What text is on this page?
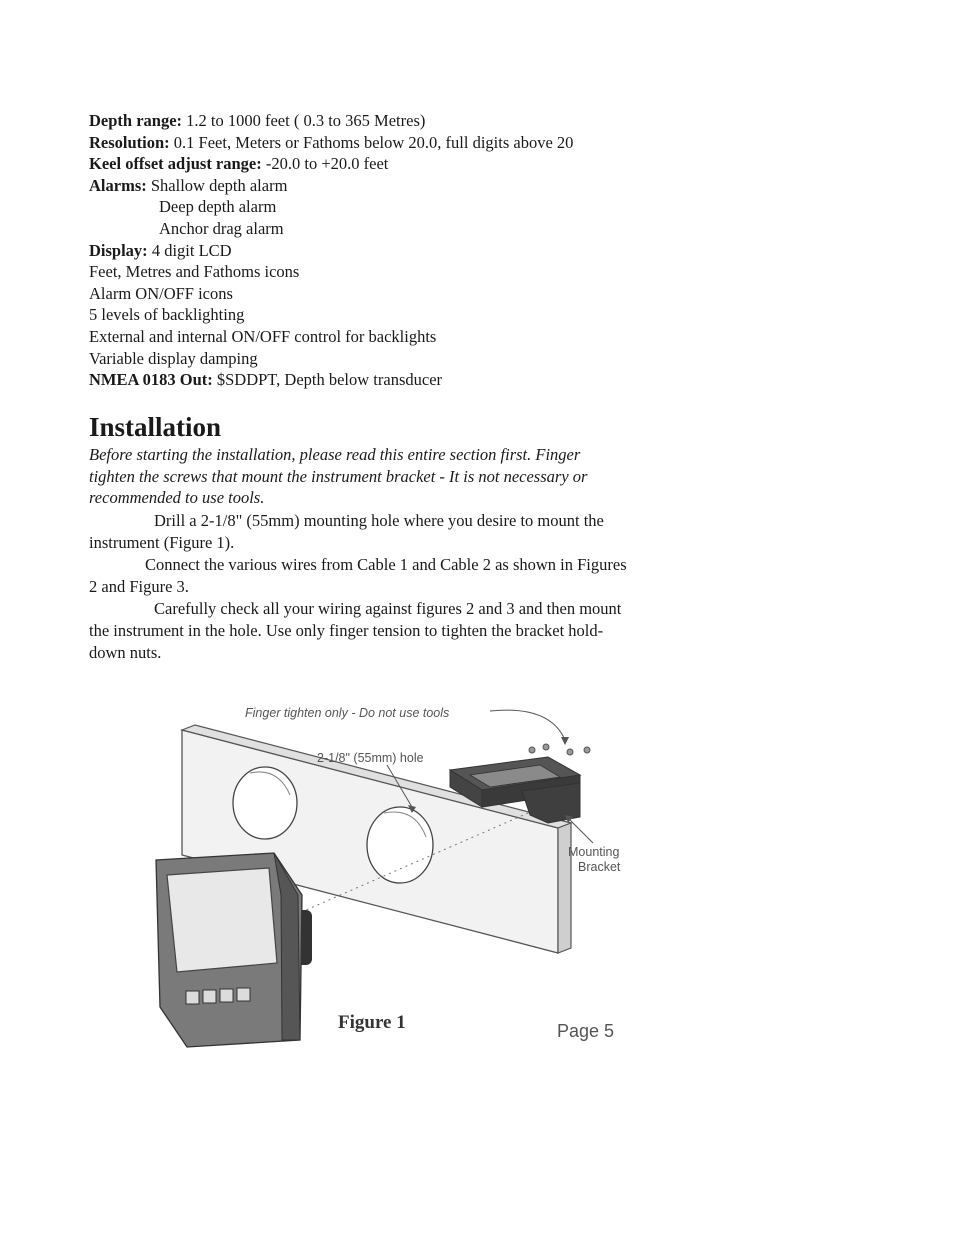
Depth range: 1.2 to 1000 feet ( 0.3 to 365 Metres)
Resolution: 0.1 Feet, Meters or Fathoms below 20.0, full digits above 20
Keel offset adjust range: -20.0 to +20.0 feet
Alarms: Shallow depth alarm
Deep depth alarm
Anchor drag alarm
Display: 4 digit LCD
Feet, Metres and Fathoms icons
Alarm ON/OFF icons
5 levels of backlighting
External and internal ON/OFF control for backlights
Variable display damping
NMEA 0183 Out: $SDDPT, Depth below transducer
Installation
Before starting the installation, please read this entire section first. Finger tighten the screws that mount the instrument bracket - It is not necessary or recommended to use tools.

Drill a 2-1/8" (55mm) mounting hole where you desire to mount the instrument (Figure 1).

Connect the various wires from Cable 1 and Cable 2 as shown in Figures 2 and Figure 3.

Carefully check all your wiring against figures 2 and 3 and then mount the instrument in the hole. Use only finger tension to tighten the bracket hold-down nuts.

Finger tighten only - Do not use tools
2-1/8" (55mm) hole
Mounting
Bracket
Figure 1	Page 5
